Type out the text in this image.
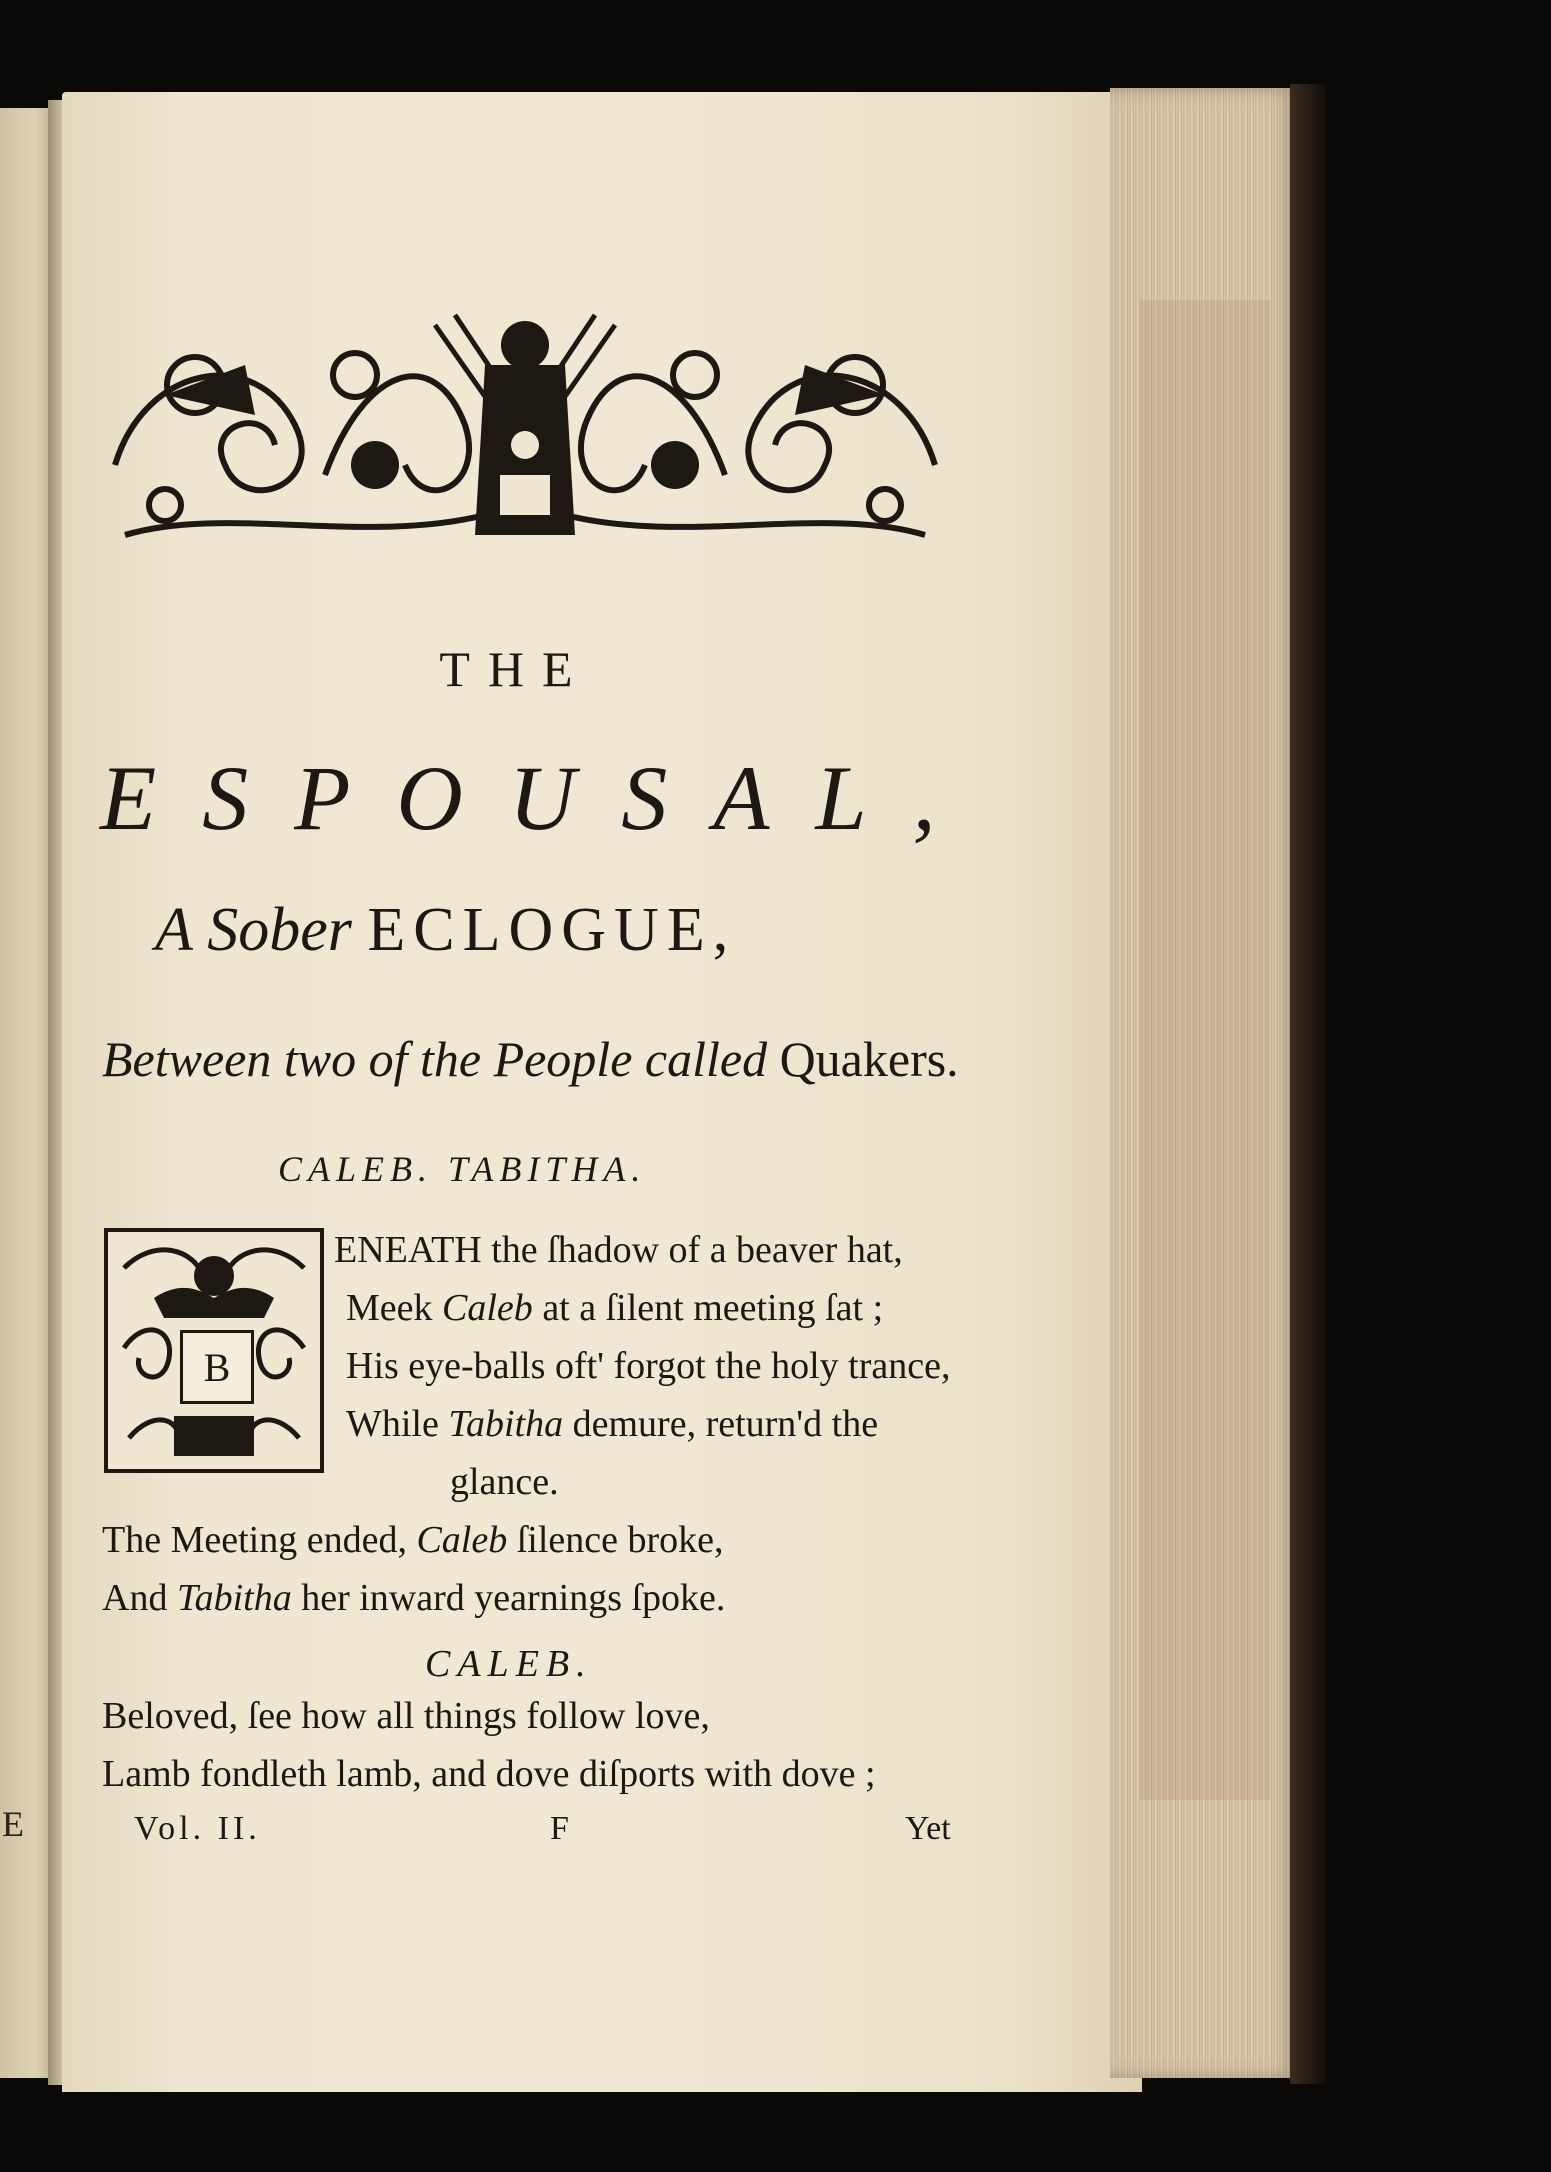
E
THE
ESPOUSAL,
A Sober ECLOGUE,
Between two of the People called Quakers.
CALEB. TABITHA.
B
ENEATH the ſhadow of a beaver hat,
Meek Caleb at a ſilent meeting ſat ;
His eye-balls oft' forgot the holy trance,
While Tabitha demure, return'd the
glance.
The Meeting ended, Caleb ſilence broke,
And Tabitha her inward yearnings ſpoke.
CALEB.
Beloved, ſee how all things follow love,
Lamb fondleth lamb, and dove diſports with dove ;
Vol. II.	F	Yet
